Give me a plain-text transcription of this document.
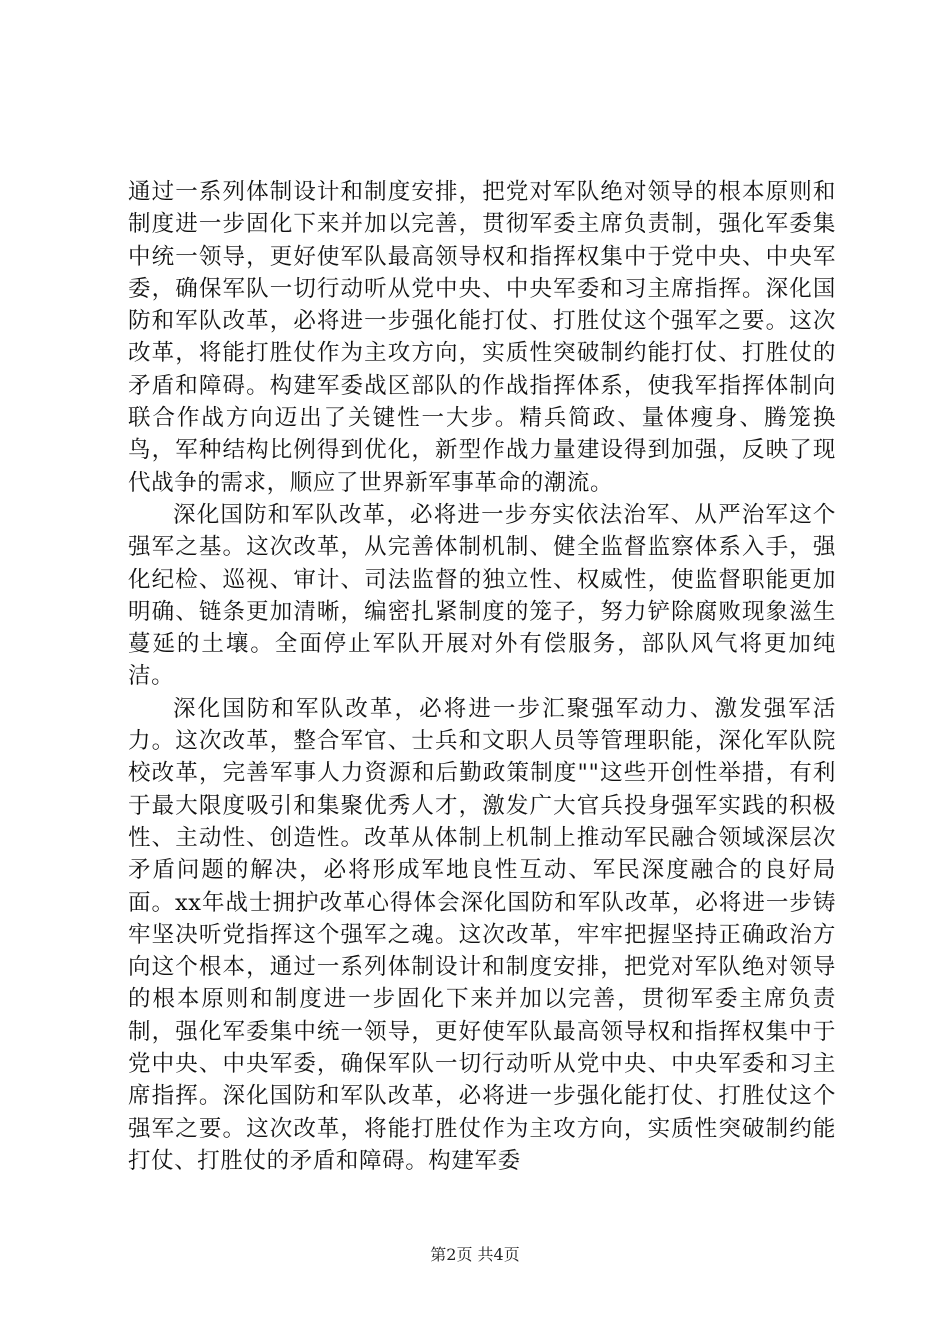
通过一系列体制设计和制度安排，把党对军队绝对领导的根本原则和制度进一步固化下来并加以完善，贯彻军委主席负责制，强化军委集中统一领导，更好使军队最高领导权和指挥权集中于党中央、中央军委，确保军队一切行动听从党中央、中央军委和习主席指挥。深化国防和军队改革，必将进一步强化能打仗、打胜仗这个强军之要。这次改革，将能打胜仗作为主攻方向，实质性突破制约能打仗、打胜仗的矛盾和障碍。构建军委战区部队的作战指挥体系，使我军指挥体制向联合作战方向迈出了关键性一大步。精兵简政、量体瘦身、腾笼换鸟，军种结构比例得到优化，新型作战力量建设得到加强，反映了现代战争的需求，顺应了世界新军事革命的潮流。

深化国防和军队改革，必将进一步夯实依法治军、从严治军这个强军之基。这次改革，从完善体制机制、健全监督监察体系入手，强化纪检、巡视、审计、司法监督的独立性、权威性，使监督职能更加明确、链条更加清晰，编密扎紧制度的笼子，努力铲除腐败现象滋生蔓延的土壤。全面停止军队开展对外有偿服务，部队风气将更加纯洁。

深化国防和军队改革，必将进一步汇聚强军动力、激发强军活力。这次改革，整合军官、士兵和文职人员等管理职能，深化军队院校改革，完善军事人力资源和后勤政策制度""这些开创性举措，有利于最大限度吸引和集聚优秀人才，激发广大官兵投身强军实践的积极性、主动性、创造性。改革从体制上机制上推动军民融合领域深层次矛盾问题的解决，必将形成军地良性互动、军民深度融合的良好局面。xx年战士拥护改革心得体会深化国防和军队改革，必将进一步铸牢坚决听党指挥这个强军之魂。这次改革，牢牢把握坚持正确政治方向这个根本，通过一系列体制设计和制度安排，把党对军队绝对领导的根本原则和制度进一步固化下来并加以完善，贯彻军委主席负责制，强化军委集中统一领导，更好使军队最高领导权和指挥权集中于党中央、中央军委，确保军队一切行动听从党中央、中央军委和习主席指挥。深化国防和军队改革，必将进一步强化能打仗、打胜仗这个强军之要。这次改革，将能打胜仗作为主攻方向，实质性突破制约能打仗、打胜仗的矛盾和障碍。构建军委

第2页 共4页
